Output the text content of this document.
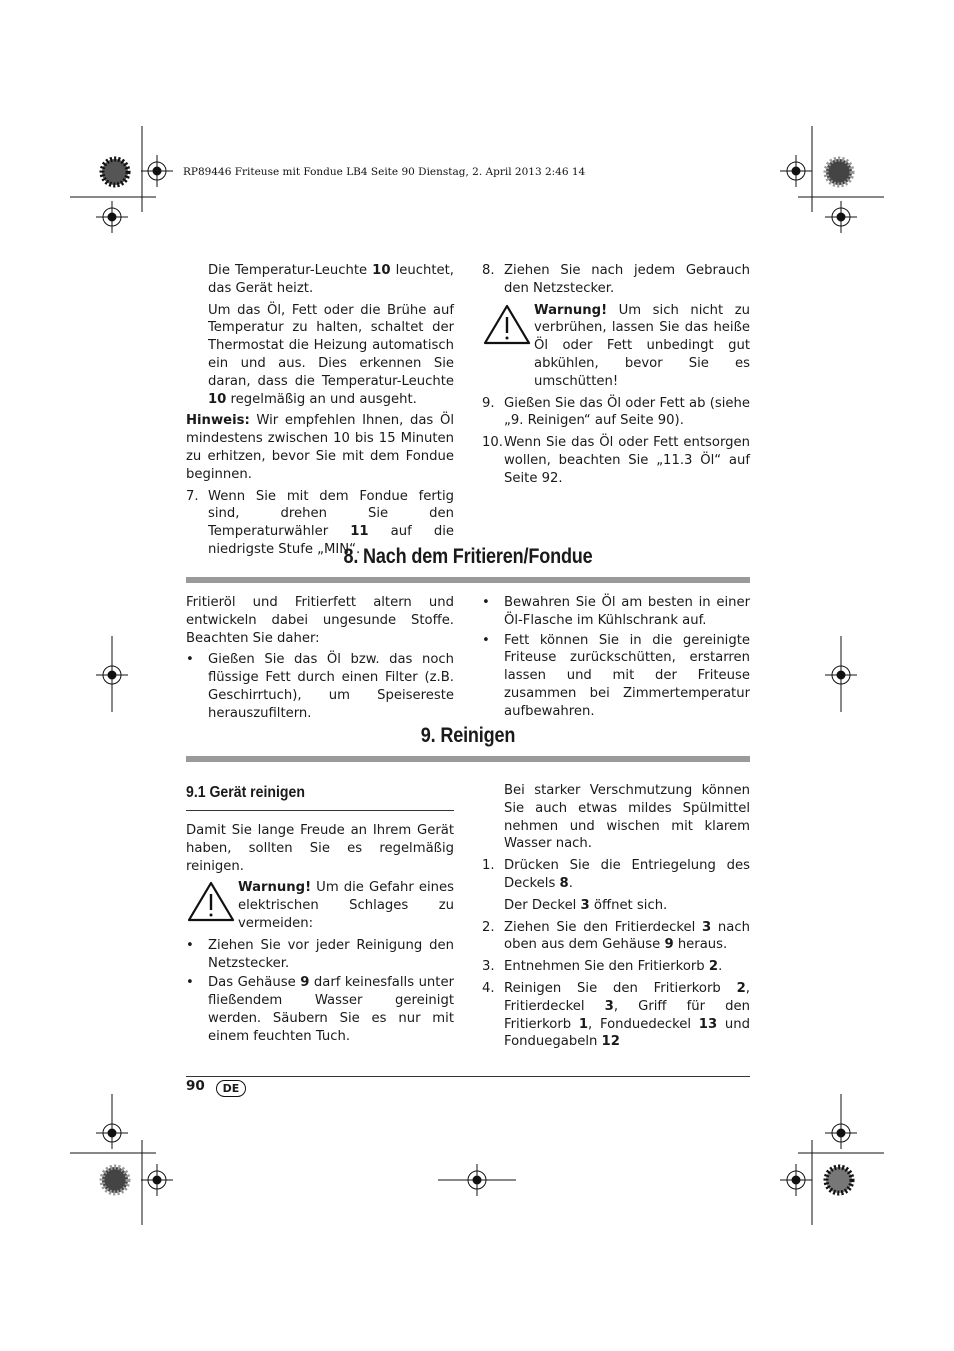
RP89446 Friteuse mit Fondue LB4 Seite 90 Dienstag, 2. April 2013 2:46 14

Die Temperatur-Leuchte 10 leuchtet, das Gerät heizt.

Um das Öl, Fett oder die Brühe auf Temperatur zu halten, schaltet der Thermostat die Heizung automatisch ein und aus. Dies erkennen Sie daran, dass die Temperatur-Leuchte 10 regelmäßig an und ausgeht.

Hinweis: Wir empfehlen Ihnen, das Öl mindestens zwischen 10 bis 15 Minuten zu erhitzen, bevor Sie mit dem Fondue beginnen.

7. Wenn Sie mit dem Fondue fertig sind, drehen Sie den Temperaturwähler 11 auf die niedrigste Stufe „MIN“.
8. Ziehen Sie nach jedem Gebrauch den Netzstecker.
Warnung! Um sich nicht zu verbrühen, lassen Sie das heiße Öl oder Fett unbedingt gut abkühlen, bevor Sie es umschütten!
9. Gießen Sie das Öl oder Fett ab (siehe „9. Reinigen“ auf Seite 90).
10. Wenn Sie das Öl oder Fett entsorgen wollen, beachten Sie „11.3 Öl“ auf Seite 92.
8. Nach dem Fritieren/Fondue

Fritieröl und Fritierfett altern und entwickeln dabei ungesunde Stoffe. Beachten Sie daher:

•	Gießen Sie das Öl bzw. das noch flüssige Fett durch einen Filter (z.B. Geschirrtuch), um Speisereste herauszufiltern.
•	Bewahren Sie Öl am besten in einer Öl-Flasche im Kühlschrank auf.
•	Fett können Sie in die gereinigte Friteuse zurückschütten, erstarren lassen und mit der Friteuse zusammen bei Zimmertemperatur aufbewahren.
9. Reinigen
9.1 Gerät reinigen

Damit Sie lange Freude an Ihrem Gerät haben, sollten Sie es regelmäßig reinigen.

Warnung! Um die Gefahr eines elektrischen Schlages zu vermeiden:
•	Ziehen Sie vor jeder Reinigung den Netzstecker.
•	Das Gehäuse 9 darf keinesfalls unter fließendem Wasser gereinigt werden. Säubern Sie es nur mit einem feuchten Tuch.

Bei starker Verschmutzung können Sie auch etwas mildes Spülmittel nehmen und wischen mit klarem Wasser nach.

1. Drücken Sie die Entriegelung des Deckels 8.

Der Deckel 3 öffnet sich.

2. Ziehen Sie den Fritierdeckel 3 nach oben aus dem Gehäuse 9 heraus.
3. Entnehmen Sie den Fritierkorb 2.
4. Reinigen Sie den Fritierkorb 2, Fritierdeckel 3, Griff für den Fritierkorb 1, Fonduedeckel 13 und Fonduegabeln 12
90	DE
